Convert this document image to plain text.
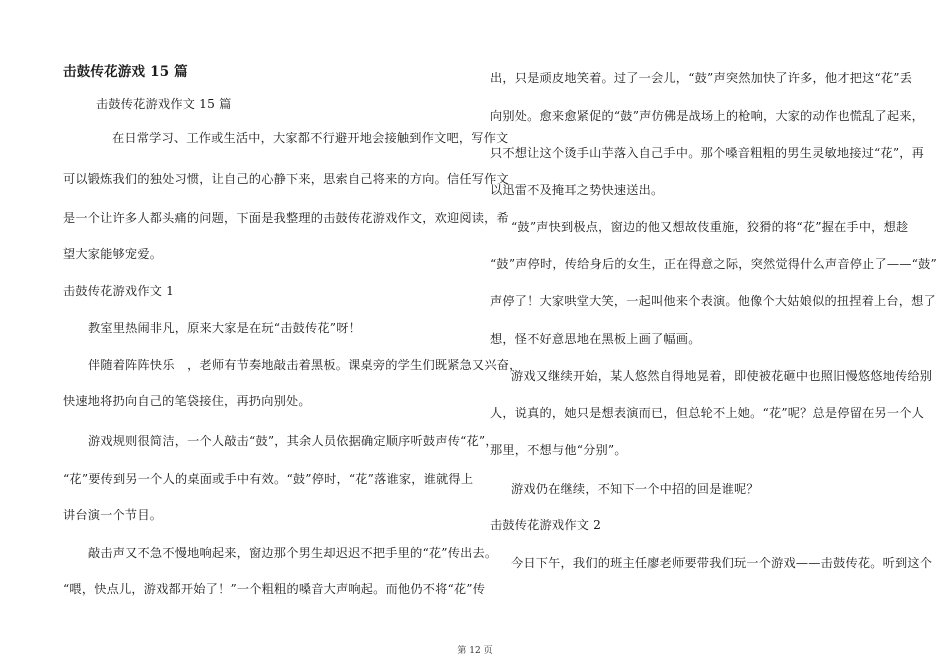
击鼓传花游戏 15 篇
击鼓传花游戏作文 15 篇
在日常学习、工作或生活中，大家都不行避开地会接触到作文吧，写作文
可以锻炼我们的独处习惯，让自己的心静下来，思索自己将来的方向。信任写作文
是一个让许多人都头痛的问题，下面是我整理的击鼓传花游戏作文，欢迎阅读，希
望大家能够宠爱。
击鼓传花游戏作文 1
教室里热闹非凡，原来大家是在玩“击鼓传花”呀！
伴随着阵阵快乐　，老师有节奏地敲击着黑板。课桌旁的学生们既紧急又兴奋，
快速地将扔向自己的笔袋接住，再扔向别处。
游戏规则很简洁，一个人敲击“鼓”，其余人员依据确定顺序听鼓声传“花”，
“花”要传到另一个人的桌面或手中有效。“鼓”停时，“花”落谁家，谁就得上
讲台演一个节目。
敲击声又不急不慢地响起来，窗边那个男生却迟迟不把手里的“花”传出去。
“喂，快点儿，游戏都开始了！”一个粗粗的嗓音大声响起。而他仍不将“花”传
出，只是顽皮地笑着。过了一会儿，“鼓”声突然加快了许多，他才把这“花”丢
向别处。愈来愈紧促的“鼓”声仿佛是战场上的枪响，大家的动作也慌乱了起来，
只不想让这个烫手山芋落入自己手中。那个嗓音粗粗的男生灵敏地接过“花”，再
以迅雷不及掩耳之势快速送出。
“鼓”声快到极点，窗边的他又想故伎重施，狡猾的将“花”握在手中，想趁
“鼓”声停时，传给身后的女生，正在得意之际，突然觉得什么声音停止了——“鼓”
声停了！大家哄堂大笑，一起叫他来个表演。他像个大姑娘似的扭捏着上台，想了
想，怪不好意思地在黑板上画了幅画。
游戏又继续开始，某人悠然自得地晃着，即使被花砸中也照旧慢悠悠地传给别
人，说真的，她只是想表演而已，但总轮不上她。“花”呢？总是停留在另一个人
那里，不想与他“分别”。
游戏仍在继续，不知下一个中招的回是谁呢？
击鼓传花游戏作文 2
今日下午，我们的班主任廖老师要带我们玩一个游戏——击鼓传花。听到这个
第 12 页
